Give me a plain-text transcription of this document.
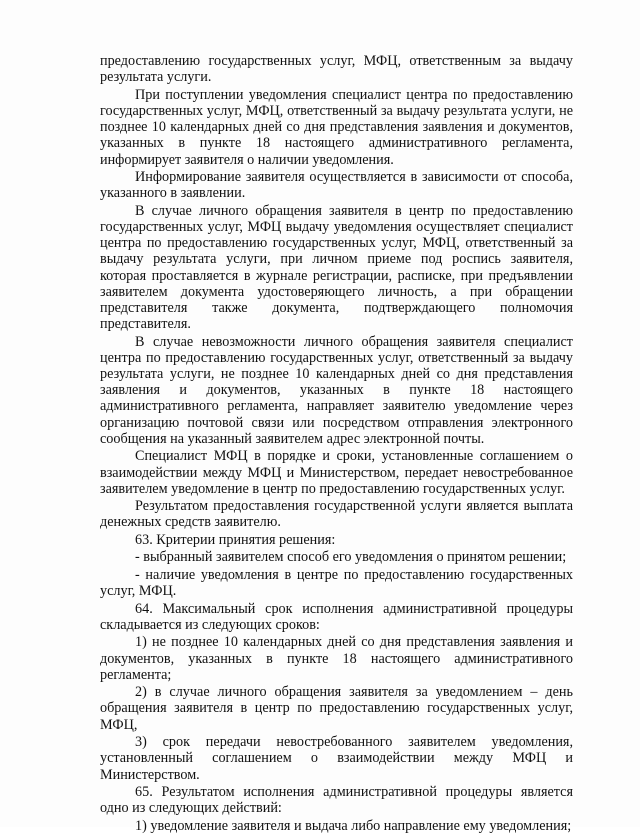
предоставлению государственных услуг, МФЦ, ответственным за выдачу результата услуги.

При поступлении уведомления специалист центра по предоставлению государственных услуг, МФЦ, ответственный за выдачу результата услуги, не позднее 10 календарных дней со дня представления заявления и документов, указанных в пункте 18 настоящего административного регламента, информирует заявителя о наличии уведомления.

Информирование заявителя осуществляется в зависимости от способа, указанного в заявлении.

В случае личного обращения заявителя в центр по предоставлению государственных услуг, МФЦ выдачу уведомления осуществляет специалист центра по предоставлению государственных услуг, МФЦ, ответственный за выдачу результата услуги, при личном приеме под роспись заявителя, которая проставляется в журнале регистрации, расписке, при предъявлении заявителем документа удостоверяющего личность, а при обращении представителя также документа, подтверждающего полномочия представителя.

В случае невозможности личного обращения заявителя специалист центра по предоставлению государственных услуг, ответственный за выдачу результата услуги, не позднее 10 календарных дней со дня представления заявления и документов, указанных в пункте 18 настоящего административного регламента, направляет заявителю уведомление через организацию почтовой связи или посредством отправления электронного сообщения на указанный заявителем адрес электронной почты.

Специалист МФЦ в порядке и сроки, установленные соглашением о взаимодействии между МФЦ и Министерством, передает невостребованное заявителем уведомление в центр по предоставлению государственных услуг.

Результатом предоставления государственной услуги является выплата денежных средств заявителю.

63. Критерии принятия решения:

- выбранный заявителем способ его уведомления о принятом решении;

- наличие уведомления в центре по предоставлению государственных услуг, МФЦ.

64. Максимальный срок исполнения административной процедуры складывается из следующих сроков:

1) не позднее 10 календарных дней со дня представления заявления и документов, указанных в пункте 18 настоящего административного регламента;

2) в случае личного обращения заявителя за уведомлением – день обращения заявителя в центр по предоставлению государственных услуг, МФЦ,

3) срок передачи невостребованного заявителем уведомления, установленный соглашением о взаимодействии между МФЦ и Министерством.

65. Результатом исполнения административной процедуры является одно из следующих действий:

1) уведомление заявителя и выдача либо направление ему уведомления;
